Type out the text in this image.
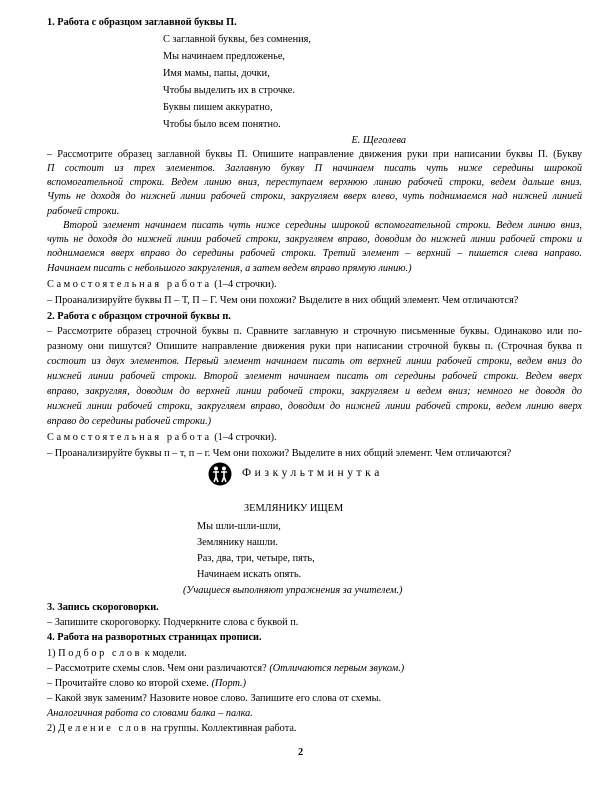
1. Работа с образцом заглавной буквы П.
С заглавной буквы, без сомнения,
Мы начинаем предложенье,
Имя мамы, папы, дочки,
Чтобы выделить их в строчке.
Буквы пишем аккуратно,
Чтобы было всем понятно.
Е. Щеголева
– Рассмотрите образец заглавной буквы П. Опишите направление движения руки при написании буквы П. (Букву
П состоит из трех элементов. Заглавную букву П начинаем писать чуть ниже середины широкой
вспомогательной строки. Ведем линию вниз, переступаем верхнюю линию рабочей строки, ведем дальше вниз.
Чуть не доходя до нижней линии рабочей строки, закругляем вверх влево, чуть поднимаемся над нижней линией
рабочей строки.
Второй элемент начинаем писать чуть ниже середины широкой вспомогательной строки. Ведем линию вниз,
чуть не доходя до нижней линии рабочей строки, закругляем вправо, доводим до нижней линии рабочей строки и
поднимаемся вверх вправо до середины рабочей строки. Третий элемент – верхний – пишется слева направо.
Начинаем писать с небольшого закругления, а затем ведем вправо прямую линию.)
Самостоятельная работа (1–4 строчки).
– Проанализируйте буквы П – Т, П – Г. Чем они похожи? Выделите в них общий элемент. Чем отличаются?
2. Работа с образцом строчной буквы п.
– Рассмотрите образец строчной буквы п. Сравните заглавную и строчную письменные буквы. Одинаково или по-
разному они пишутся? Опишите направление движения руки при написании строчной буквы п. (Строчная буква п
состоит из двух элементов. Первый элемент начинаем писать от верхней линии рабочей строки, ведем вниз до
нижней линии рабочей строки. Второй элемент начинаем писать от середины рабочей строки. Ведем вверх
вправо, закругляя, доводим до верхней линии рабочей строки, закругляем и ведем вниз; немного не доводя до
нижней линии рабочей строки, закругляем вправо, доводим до нижней линии рабочей строки, ведем линию вверх
вправо до середины рабочей строки.)
Самостоятельная работа (1–4 строчки).
– Проанализируйте буквы п – т, п – г. Чем они похожи? Выделите в них общий элемент. Чем отличаются?
Физкультминутка
ЗЕМЛЯНИКУ ИЩЕМ
Мы шли-шли-шли,
Землянику нашли.
Раз, два, три, четыре, пять,
Начинаем искать опять.
(Учащиеся выполняют упражнения за учителем.)
3. Запись скороговорки.
– Запишите скороговорку. Подчеркните слова с буквой п.
4. Работа на разворотных страницах прописи.
1) Подбор слов к модели.
– Рассмотрите схемы слов. Чем они различаются? (Отличаются первым звуком.)
– Прочитайте слово ко второй схеме. (Порт.)
– Какой звук заменим? Назовите новое слово. Запишите его слова от схемы.
Аналогичная работа со словами балка – палка.
2) Деление слов на группы. Коллективная работа.
2
